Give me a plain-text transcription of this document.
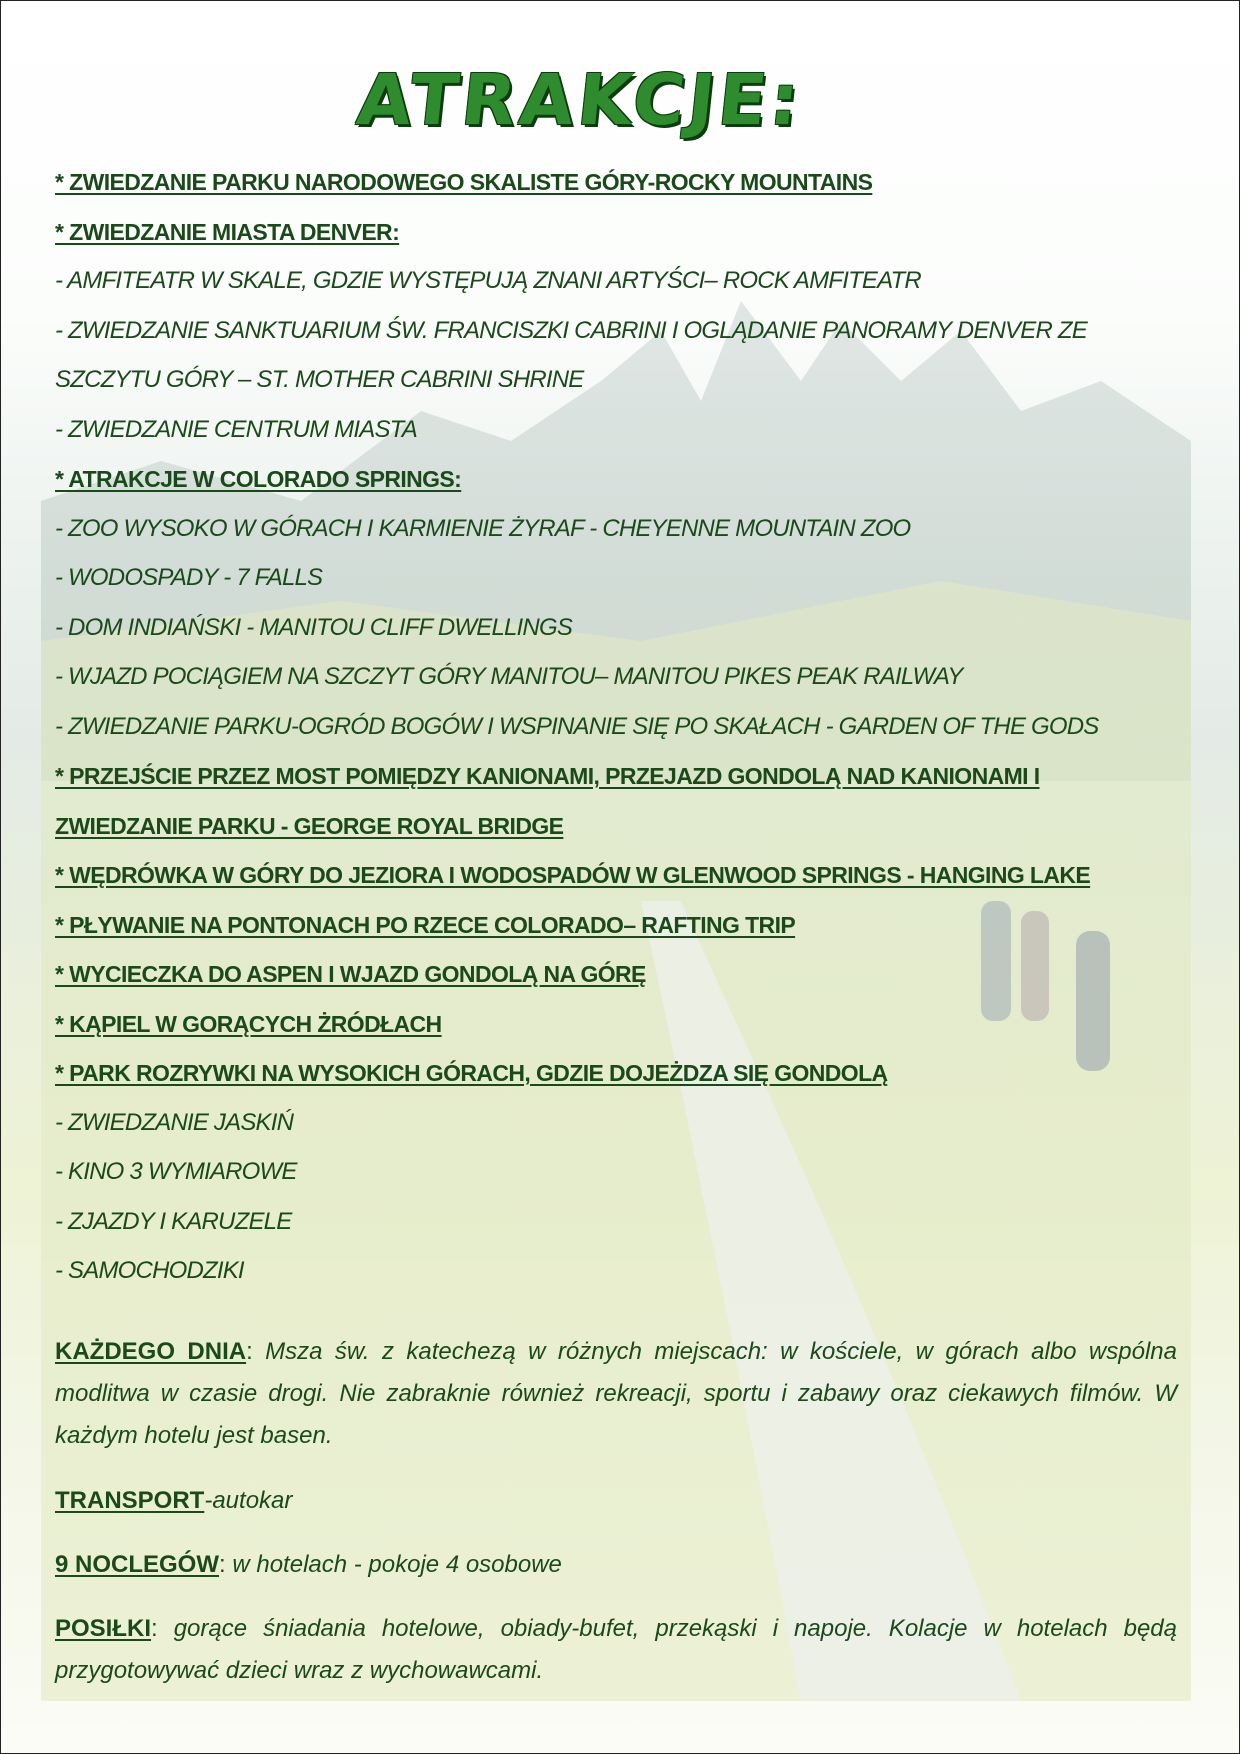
ATRAKCJE:
* ZWIEDZANIE PARKU NARODOWEGO SKALISTE GÓRY-ROCKY MOUNTAINS
* ZWIEDZANIE MIASTA DENVER:
- AMFITEATR W SKALE, GDZIE WYSTĘPUJĄ ZNANI ARTYŚCI– ROCK AMFITEATR
- ZWIEDZANIE SANKTUARIUM ŚW. FRANCISZKI CABRINI I OGLĄDANIE PANORAMY DENVER ZE
SZCZYTU GÓRY – ST. MOTHER CABRINI SHRINE
- ZWIEDZANIE CENTRUM MIASTA
* ATRAKCJE W COLORADO SPRINGS:
- ZOO WYSOKO W GÓRACH I KARMIENIE ŻYRAF - CHEYENNE MOUNTAIN ZOO
- WODOSPADY - 7 FALLS
- DOM INDIAŃSKI - MANITOU CLIFF DWELLINGS
- WJAZD POCIĄGIEM NA SZCZYT GÓRY MANITOU– MANITOU PIKES PEAK RAILWAY
- ZWIEDZANIE PARKU-OGRÓD BOGÓW I WSPINANIE SIĘ PO SKAŁACH - GARDEN OF THE GODS
* PRZEJŚCIE PRZEZ MOST POMIĘDZY KANIONAMI, PRZEJAZD GONDOLĄ NAD KANIONAMI I
ZWIEDZANIE PARKU - GEORGE ROYAL BRIDGE
* WĘDRÓWKA W GÓRY DO JEZIORA I WODOSPADÓW W GLENWOOD SPRINGS - HANGING LAKE
* PŁYWANIE NA PONTONACH PO RZECE COLORADO– RAFTING TRIP
* WYCIECZKA DO ASPEN I WJAZD GONDOLĄ NA GÓRĘ
* KĄPIEL W GORĄCYCH ŻRÓDŁACH
* PARK ROZRYWKI NA WYSOKICH GÓRACH, GDZIE DOJEŻDZA SIĘ GONDOLĄ
- ZWIEDZANIE JASKIŃ
- KINO 3 WYMIAROWE
- ZJAZDY I KARUZELE
- SAMOCHODZIKI
KAŻDEGO DNIA: Msza św. z katechezą w różnych miejscach: w kościele, w górach albo wspólna modlitwa w czasie drogi. Nie zabraknie również rekreacji, sportu i zabawy oraz ciekawych filmów. W każdym hotelu jest basen.
TRANSPORT-autokar
9 NOCLEGÓW: w hotelach - pokoje 4 osobowe
POSIŁKI: gorące śniadania hotelowe, obiady-bufet, przekąski i napoje. Kolacje w hotelach będą przygotowywać dzieci wraz z wychowawcami.
